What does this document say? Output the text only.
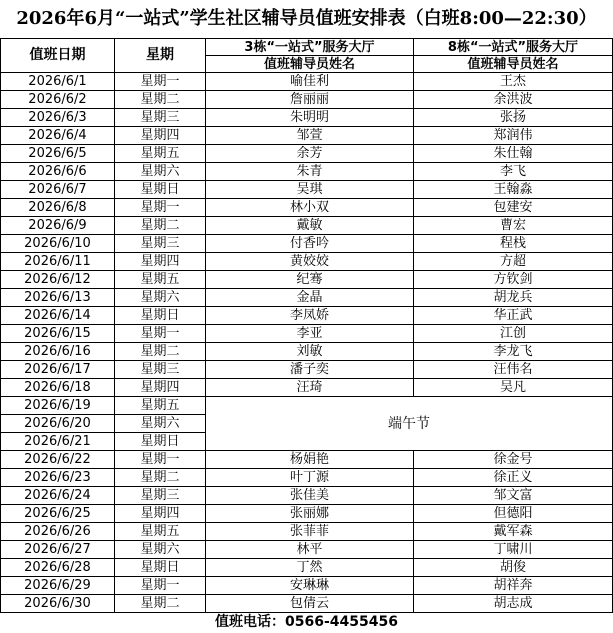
2026年6月“一站式”学生社区辅导员值班安排表（白班8:00—22:30）
值班日期	星期	3栋“一站式”服务大厅	8栋“一站式”服务大厅
		值班辅导员姓名	值班辅导员姓名
2026/6/1	星期一	喻佳利	王杰
2026/6/2	星期二	詹丽丽	余洪波
2026/6/3	星期三	朱明明	张扬
2026/6/4	星期四	邹萱	郑润伟
2026/6/5	星期五	余芳	朱仕翰
2026/6/6	星期六	朱青	李飞
2026/6/7	星期日	吴琪	王翰淼
2026/6/8	星期一	林小双	包建安
2026/6/9	星期二	戴敏	曹宏
2026/6/10	星期三	付香吟	程栈
2026/6/11	星期四	黄姣姣	方超
2026/6/12	星期五	纪骞	方钦剑
2026/6/13	星期六	金晶	胡龙兵
2026/6/14	星期日	李凤娇	华正武
2026/6/15	星期一	李亚	江创
2026/6/16	星期二	刘敏	李龙飞
2026/6/17	星期三	潘子奕	汪伟名
2026/6/18	星期四	汪琦	吴凡
2026/6/19	星期五	端午节	
2026/6/20	星期六		
2026/6/21	星期日		
2026/6/22	星期一	杨娟艳	徐金号
2026/6/23	星期二	叶丁源	徐正义
2026/6/24	星期三	张佳美	邹文富
2026/6/25	星期四	张丽娜	但德阳
2026/6/26	星期五	张菲菲	戴军森
2026/6/27	星期六	林平	丁啸川
2026/6/28	星期日	丁然	胡俊
2026/6/29	星期一	安琳琳	胡祥奔
2026/6/30	星期二	包倩云	胡志成
值班电话：0566-4455456
